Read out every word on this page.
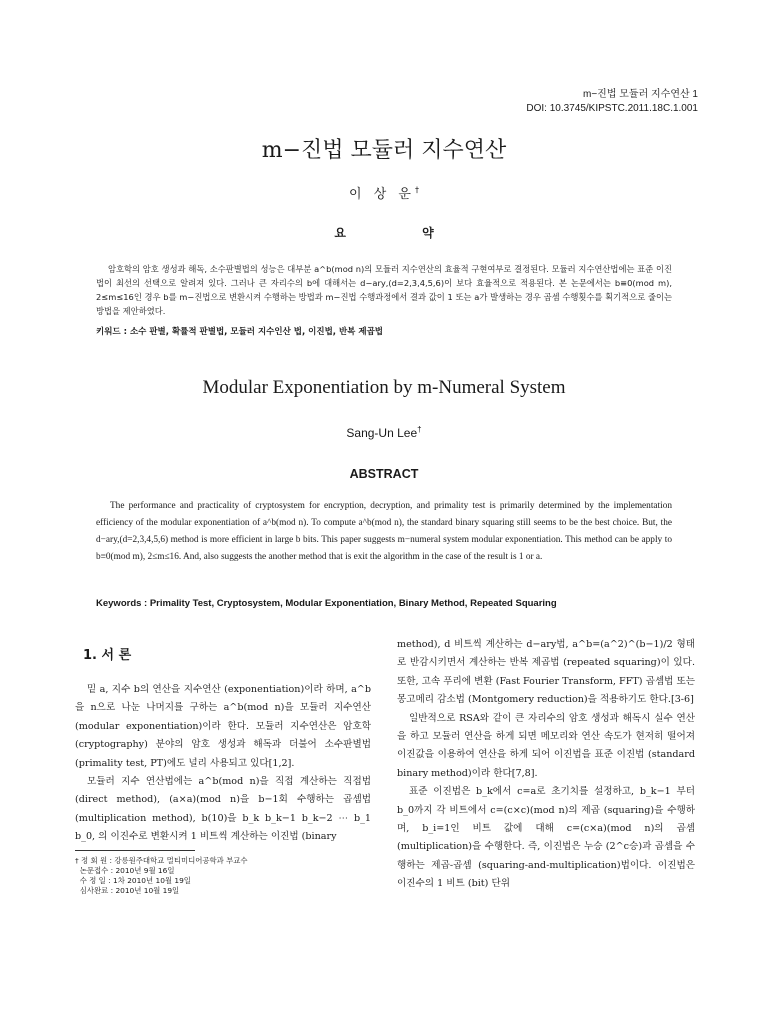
m−진법 모듈러 지수연산 1
DOI: 10.3745/KIPSTC.2011.18C.1.001
m−진법 모듈러 지수연산
이 상 운†
요 약

암호학의 암호 생성과 해독, 소수판별법의 성능은 대부분 a^b(mod n)의 모듈러 지수연산의 효율적 구현여부로 결정된다. 모듈러 지수연산법에는 표준 이진법이 최선의 선택으로 알려져 있다. 그러나 큰 자리수의 b에 대해서는 d−ary,(d=2,3,4,5,6)이 보다 효율적으로 적용된다. 본 논문에서는 b≡0(mod m), 2≤m≤16인 경우 b를 m−진법으로 변환시켜 수행하는 방법과 m−진법 수행과정에서 결과 값이 1 또는 a가 발생하는 경우 곱셈 수행횟수를 획기적으로 줄이는 방법을 제안하였다.

키워드 : 소수 판별, 확률적 판별법, 모듈러 지수인산 법, 이진법, 반복 제곱법
Modular Exponentiation by m-Numeral System
Sang-Un Lee†
ABSTRACT

The performance and practicality of cryptosystem for encryption, decryption, and primality test is primarily determined by the implementation efficiency of the modular exponentiation of a^b(mod n). To compute a^b(mod n), the standard binary squaring still seems to be the best choice. But, the d−ary,(d=2,3,4,5,6) method is more efficient in large b bits. This paper suggests m−numeral system modular exponentiation. This method can be apply to b≡0(mod m), 2≤m≤16. And, also suggests the another method that is exit the algorithm in the case of the result is 1 or a.

Keywords : Primality Test, Cryptosystem, Modular Exponentiation, Binary Method, Repeated Squaring
1. 서 론

밑 a, 지수 b의 연산을 지수연산 (exponentiation)이라 하며, a^b을 n으로 나눈 나머지를 구하는 a^b(mod n)을 모듈러 지수연산 (modular exponentiation)이라 한다. 모듈러 지수연산은 암호학 (cryptography) 분야의 암호 생성과 해독과 더불어 소수판별법 (primality test, PT)에도 널리 사용되고 있다[1,2].

모듈러 지수 연산법에는 a^b(mod n)을 직접 계산하는 직접법 (direct method), (a×a)(mod n)을 b−1회 수행하는 곱셈법 (multiplication method), b(10)을 b_k b_k−1 b_k−2 ⋯ b_1 b_0, 의 이진수로 변환시켜 1 비트씩 계산하는 이진법 (binary

method), d 비트씩 계산하는 d−ary법, a^b=(a^2)^(b−1)/2 형태로 반감시키면서 계산하는 반복 제곱법 (repeated squaring)이 있다. 또한, 고속 푸리에 변환 (Fast Fourier Transform, FFT) 곱셈법 또는 몽고메리 감소법 (Montgomery reduction)을 적용하기도 한다.[3-6]

일반적으로 RSA와 같이 큰 자리수의 암호 생성과 해독시 실수 연산을 하고 모듈러 연산을 하게 되면 메모리와 연산 속도가 현저히 떨어져 이진값을 이용하여 연산을 하게 되어 이진법을 표준 이진법 (standard binary method)이라 한다[7,8].

표준 이진법은 b_k에서 c=a로 초기치를 설정하고, b_k−1 부터 b_0까지 각 비트에서 c=(c×c)(mod n)의 제곱 (squaring)을 수행하며, b_i=1인 비트 값에 대해 c=(c×a)(mod n)의 곱셈 (multiplication)을 수행한다. 즉, 이진법은 누승 (2^c승)과 곱셈을 수행하는 제곱-곱셈 (squaring-and-multiplication)법이다. 이진법은 이진수의 1 비트 (bit) 단위

† 정 회 원 : 강릉원주대학교 멀티미디어공학과 부교수
논문접수 : 2010년 9월 16일
수 정 일 : 1차 2010년 10월 19일
심사완료 : 2010년 10월 19일
